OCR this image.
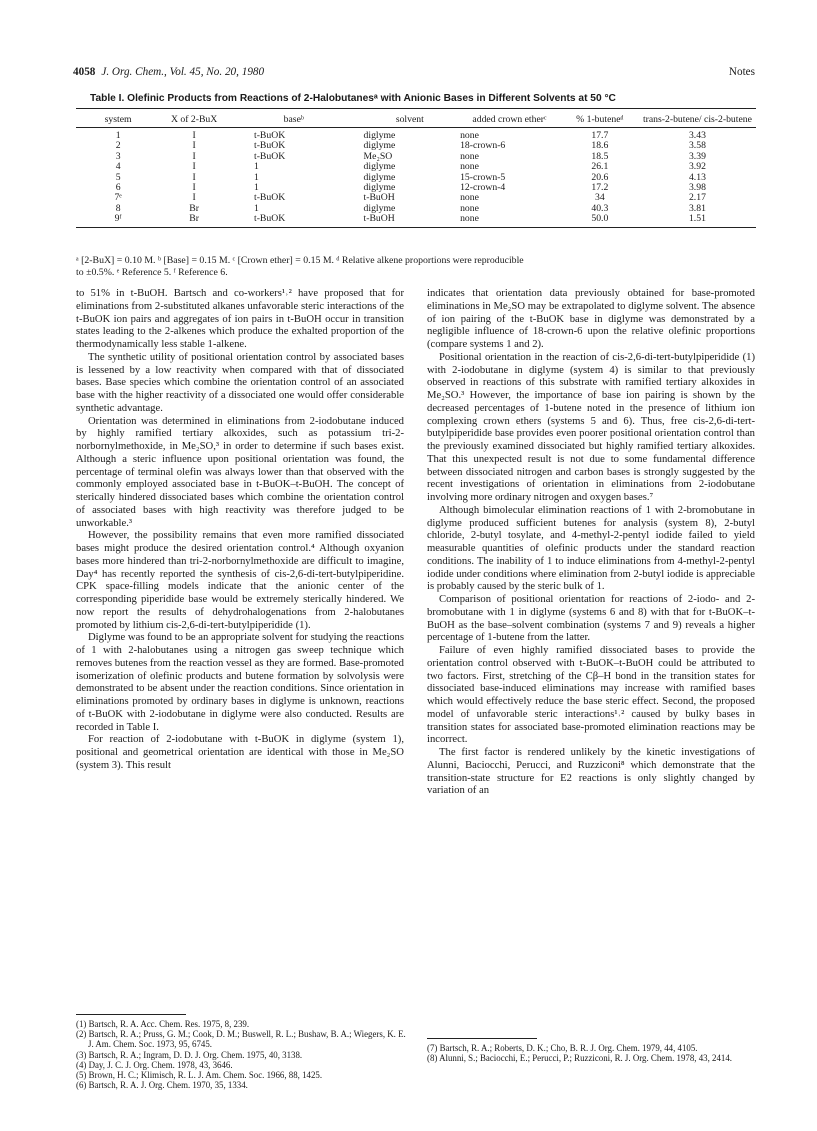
4058 J. Org. Chem., Vol. 45, No. 20, 1980	Notes
Table I. Olefinic Products from Reactions of 2-Halobutanesᵃ with Anionic Bases in Different Solvents at 50 °C

system	X of 2-BuX	baseᵇ	solvent	added crown etherᶜ	% 1-buteneᵈ	trans-2-butene/ cis-2-butene
1	I	t-BuOK	diglyme	none	17.7	3.43
2	I	t-BuOK	diglyme	18-crown-6	18.6	3.58
3	I	t-BuOK	Me₂SO	none	18.5	3.39
4	I	1	diglyme	none	26.1	3.92
5	I	1	diglyme	15-crown-5	20.6	4.13
6	I	1	diglyme	12-crown-4	17.2	3.98
7ᵉ	I	t-BuOK	t-BuOH	none	34	2.17
8	Br	1	diglyme	none	40.3	3.81
9ᶠ	Br	t-BuOK	t-BuOH	none	50.0	1.51
ᵃ [2-BuX] = 0.10 M. ᵇ [Base] = 0.15 M. ᶜ [Crown ether] = 0.15 M. ᵈ Relative alkene proportions were reproducible
to ±0.5%. ᵉ Reference 5. ᶠ Reference 6.

to 51% in t-BuOH. Bartsch and co-workers¹˒² have proposed that for eliminations from 2-substituted alkanes unfavorable steric interactions of the t-BuOK ion pairs and aggregates of ion pairs in t-BuOH occur in transition states leading to the 2-alkenes which produce the exhalted proportion of the thermodynamically less stable 1-alkene.

The synthetic utility of positional orientation control by associated bases is lessened by a low reactivity when compared with that of dissociated bases. Base species which combine the orientation control of an associated base with the higher reactivity of a dissociated one would offer considerable synthetic advantage.

Orientation was determined in eliminations from 2-iodobutane induced by highly ramified tertiary alkoxides, such as potassium tri-2-norbornylmethoxide, in Me₂SO,³ in order to determine if such bases exist. Although a steric influence upon positional orientation was found, the percentage of terminal olefin was always lower than that observed with the commonly employed associated base in t-BuOK–t-BuOH. The concept of sterically hindered dissociated bases which combine the orientation control of associated bases with high reactivity was therefore judged to be unworkable.³

However, the possibility remains that even more ramified dissociated bases might produce the desired orientation control.⁴ Although oxyanion bases more hindered than tri-2-norbornylmethoxide are difficult to imagine, Day⁴ has recently reported the synthesis of cis-2,6-di-tert-butylpiperidine. CPK space-filling models indicate that the anionic center of the corresponding piperidide base would be extremely sterically hindered. We now report the results of dehydrohalogenations from 2-halobutanes promoted by lithium cis-2,6-di-tert-butylpiperidide (1).

Diglyme was found to be an appropriate solvent for studying the reactions of 1 with 2-halobutanes using a nitrogen gas sweep technique which removes butenes from the reaction vessel as they are formed. Base-promoted isomerization of olefinic products and butene formation by solvolysis were demonstrated to be absent under the reaction conditions. Since orientation in eliminations promoted by ordinary bases in diglyme is unknown, reactions of t-BuOK with 2-iodobutane in diglyme were also conducted. Results are recorded in Table I.

For reaction of 2-iodobutane with t-BuOK in diglyme (system 1), positional and geometrical orientation are identical with those in Me₂SO (system 3). This result

indicates that orientation data previously obtained for base-promoted eliminations in Me₂SO may be extrapolated to diglyme solvent. The absence of ion pairing of the t-BuOK base in diglyme was demonstrated by a negligible influence of 18-crown-6 upon the relative olefinic proportions (compare systems 1 and 2).

Positional orientation in the reaction of cis-2,6-di-tert-butylpiperidide (1) with 2-iodobutane in diglyme (system 4) is similar to that previously observed in reactions of this substrate with ramified tertiary alkoxides in Me₂SO.³ However, the importance of base ion pairing is shown by the decreased percentages of 1-butene noted in the presence of lithium ion complexing crown ethers (systems 5 and 6). Thus, free cis-2,6-di-tert-butylpiperidide base provides even poorer positional orientation control than the previously examined dissociated but highly ramified tertiary alkoxides. That this unexpected result is not due to some fundamental difference between dissociated nitrogen and carbon bases is strongly suggested by the recent investigations of orientation in eliminations from 2-iodobutane involving more ordinary nitrogen and oxygen bases.⁷

Although bimolecular elimination reactions of 1 with 2-bromobutane in diglyme produced sufficient butenes for analysis (system 8), 2-butyl chloride, 2-butyl tosylate, and 4-methyl-2-pentyl iodide failed to yield measurable quantities of olefinic products under the standard reaction conditions. The inability of 1 to induce eliminations from 4-methyl-2-pentyl iodide under conditions where elimination from 2-butyl iodide is appreciable is probably caused by the steric bulk of 1.

Comparison of positional orientation for reactions of 2-iodo- and 2-bromobutane with 1 in diglyme (systems 6 and 8) with that for t-BuOK–t-BuOH as the base–solvent combination (systems 7 and 9) reveals a higher percentage of 1-butene from the latter.

Failure of even highly ramified dissociated bases to provide the orientation control observed with t-BuOK–t-BuOH could be attributed to two factors. First, stretching of the Cβ–H bond in the transition states for dissociated base-induced eliminations may increase with ramified bases which would effectively reduce the base steric effect. Second, the proposed model of unfavorable steric interactions¹˒² caused by bulky bases in transition states for associated base-promoted elimination reactions may be incorrect.

The first factor is rendered unlikely by the kinetic investigations of Alunni, Baciocchi, Perucci, and Ruzziconi⁸ which demonstrate that the transition-state structure for E2 reactions is only slightly changed by variation of an

(1) Bartsch, R. A. Acc. Chem. Res. 1975, 8, 239.

(2) Bartsch, R. A.; Pruss, G. M.; Cook, D. M.; Buswell, R. L.; Bushaw, B. A.; Wiegers, K. E. J. Am. Chem. Soc. 1973, 95, 6745.

(3) Bartsch, R. A.; Ingram, D. D. J. Org. Chem. 1975, 40, 3138.

(4) Day, J. C. J. Org. Chem. 1978, 43, 3646.

(5) Brown, H. C.; Klimisch, R. L. J. Am. Chem. Soc. 1966, 88, 1425.

(6) Bartsch, R. A. J. Org. Chem. 1970, 35, 1334.

(7) Bartsch, R. A.; Roberts, D. K.; Cho, B. R. J. Org. Chem. 1979, 44, 4105.

(8) Alunni, S.; Baciocchi, E.; Perucci, P.; Ruzziconi, R. J. Org. Chem. 1978, 43, 2414.
